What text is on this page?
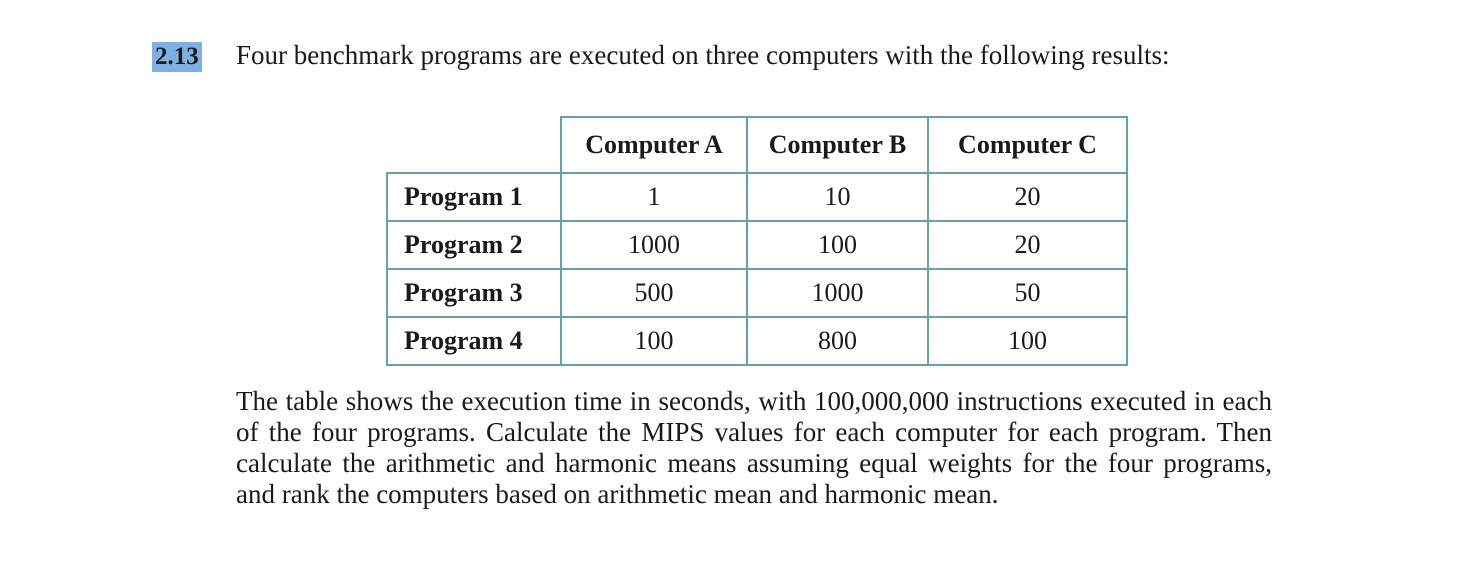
2.13 Four benchmark programs are executed on three computers with the following results:

	Computer A	Computer B	Computer C
Program 1	1	10	20
Program 2	1000	100	20
Program 3	500	1000	50
Program 4	100	800	100

The table shows the execution time in seconds, with 100,000,000 instructions executed in each of the four programs. Calculate the MIPS values for each computer for each program. Then calculate the arithmetic and harmonic means assuming equal weights for the four programs, and rank the computers based on arithmetic mean and harmonic mean.
